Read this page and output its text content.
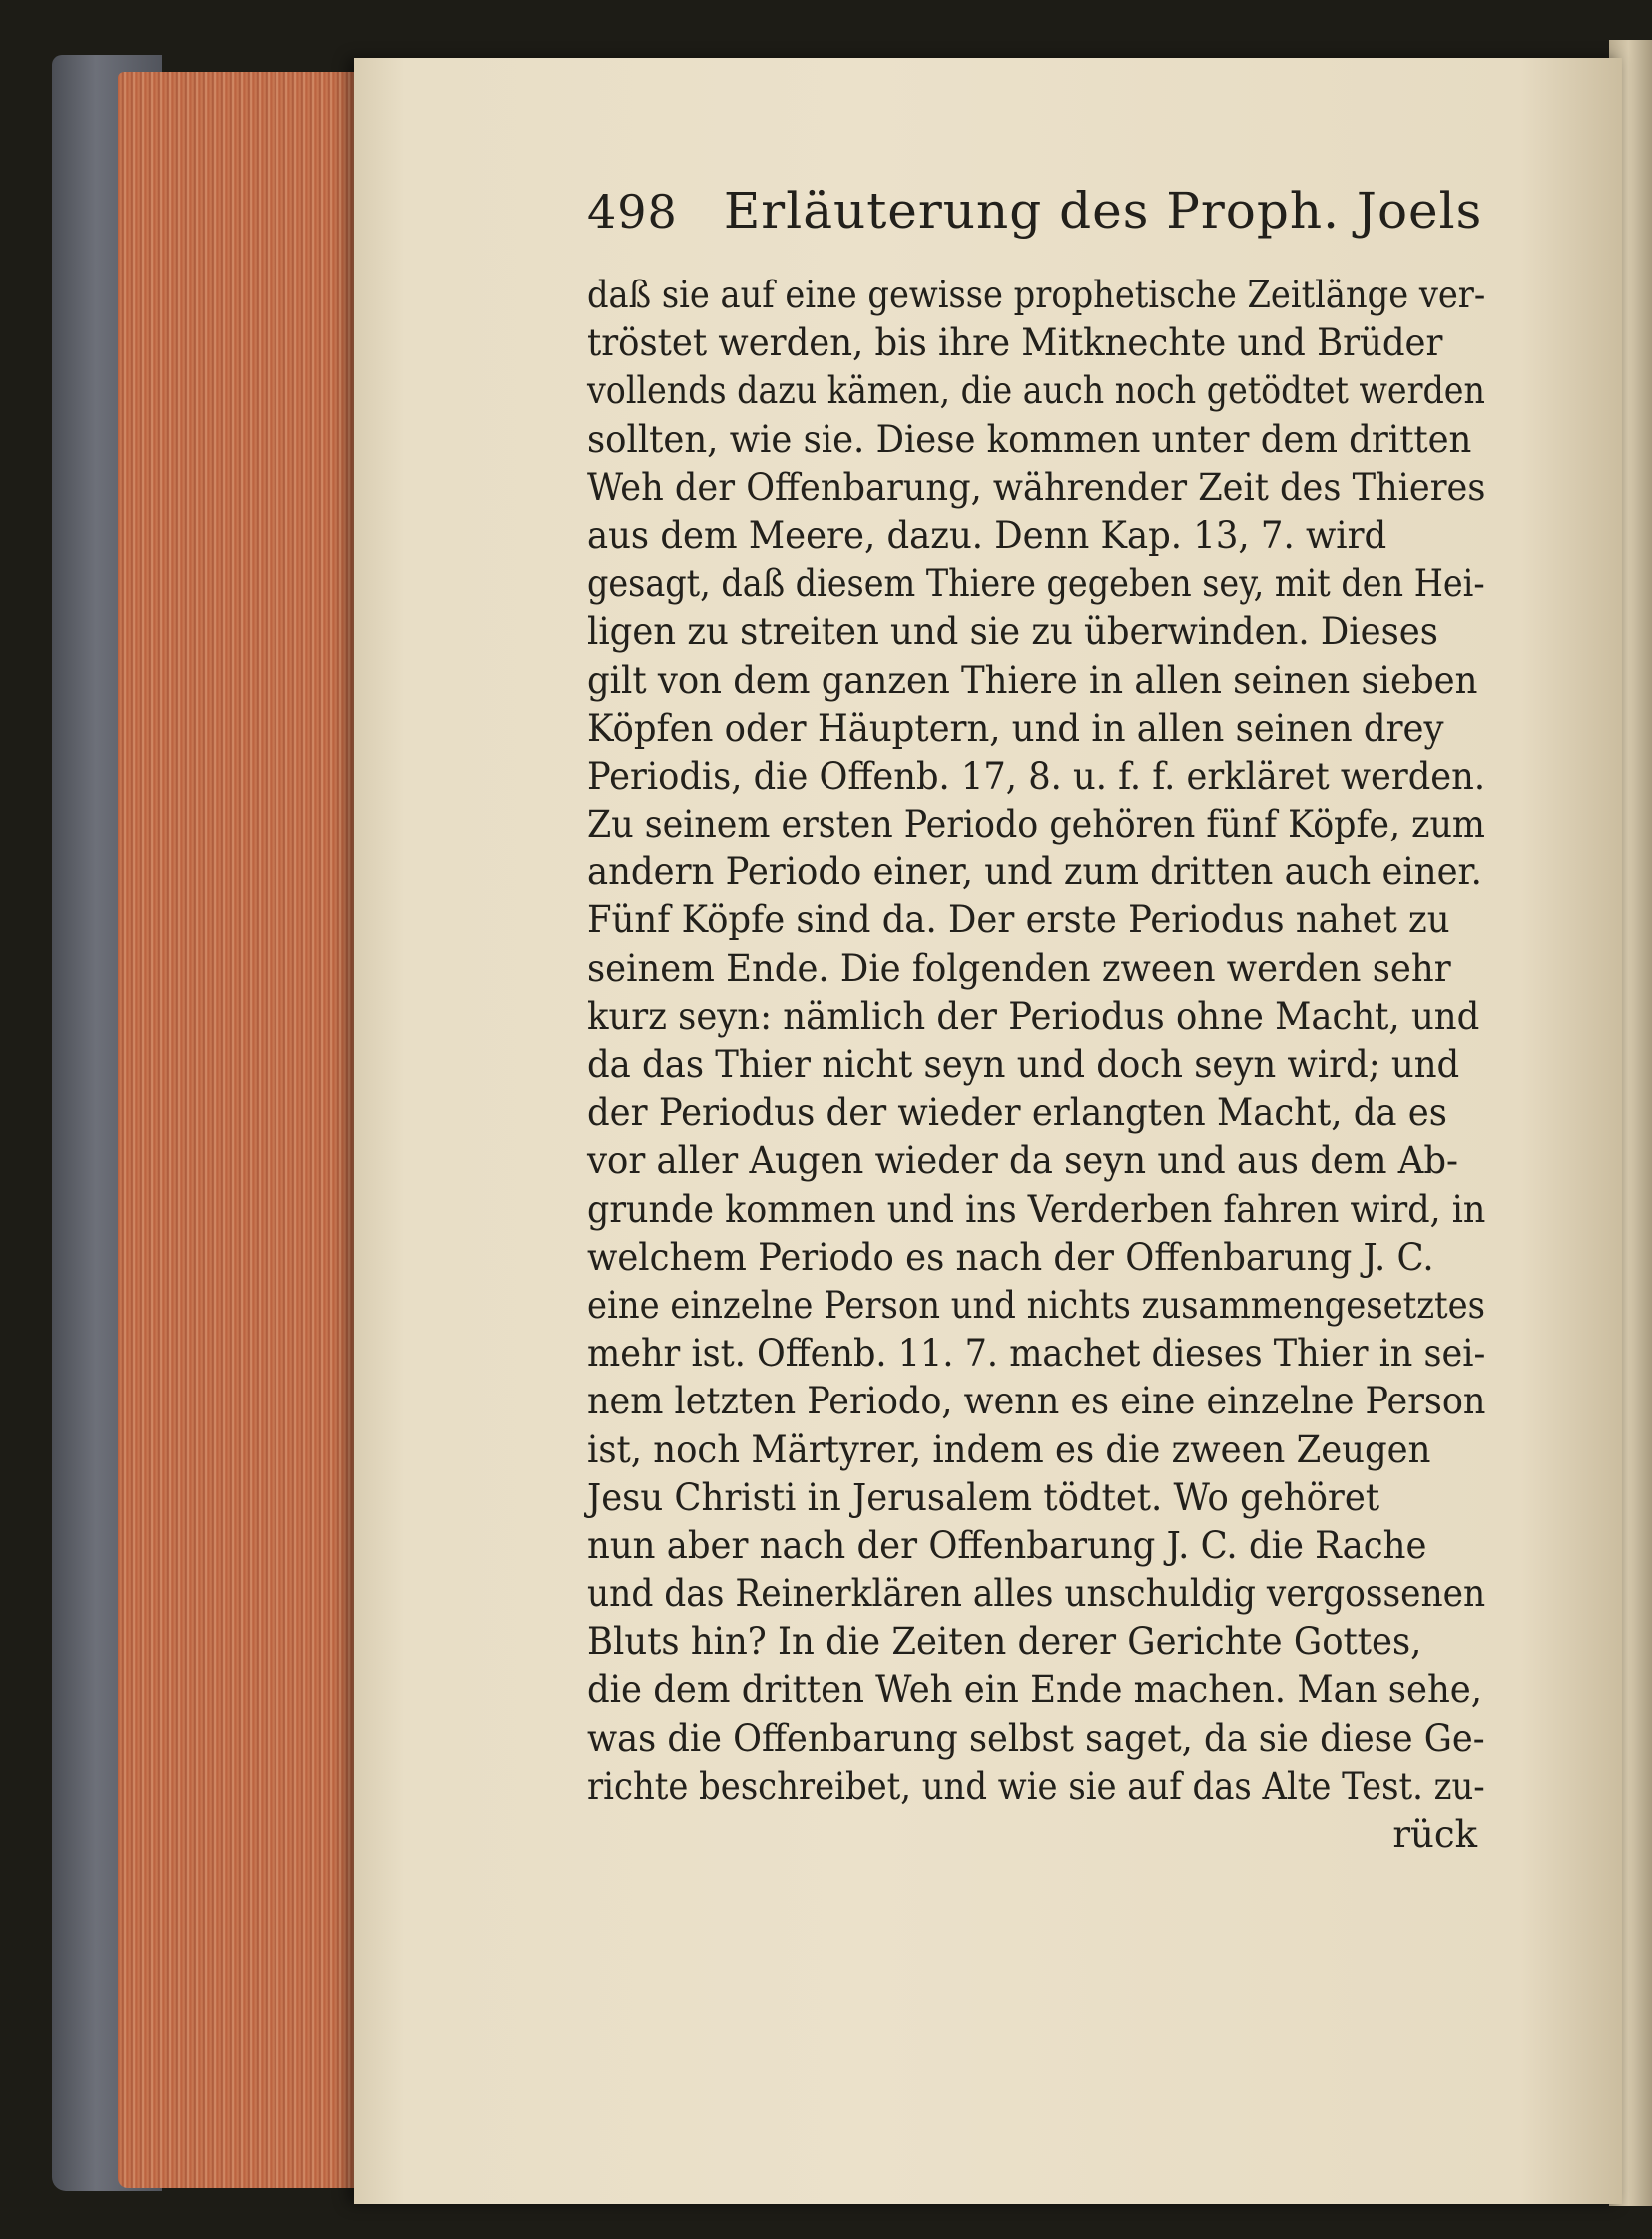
498 Erläuterung des Proph. Joels
daß sie auf eine gewisse prophetische Zeitlänge ver-
tröstet werden, bis ihre Mitknechte und Brüder
vollends dazu kämen, die auch noch getödtet werden
sollten, wie sie. Diese kommen unter dem dritten
Weh der Offenbarung, währender Zeit des Thieres
aus dem Meere, dazu. Denn Kap. 13, 7. wird
gesagt, daß diesem Thiere gegeben sey, mit den Hei-
ligen zu streiten und sie zu überwinden. Dieses
gilt von dem ganzen Thiere in allen seinen sieben
Köpfen oder Häuptern, und in allen seinen drey
Periodis, die Offenb. 17, 8. u. f. f. erkläret werden.
Zu seinem ersten Periodo gehören fünf Köpfe, zum
andern Periodo einer, und zum dritten auch einer.
Fünf Köpfe sind da. Der erste Periodus nahet zu
seinem Ende. Die folgenden zween werden sehr
kurz seyn: nämlich der Periodus ohne Macht, und
da das Thier nicht seyn und doch seyn wird; und
der Periodus der wieder erlangten Macht, da es
vor aller Augen wieder da seyn und aus dem Ab-
grunde kommen und ins Verderben fahren wird, in
welchem Periodo es nach der Offenbarung J. C.
eine einzelne Person und nichts zusammengesetztes
mehr ist. Offenb. 11. 7. machet dieses Thier in sei-
nem letzten Periodo, wenn es eine einzelne Person
ist, noch Märtyrer, indem es die zween Zeugen
Jesu Christi in Jerusalem tödtet. Wo gehöret
nun aber nach der Offenbarung J. C. die Rache
und das Reinerklären alles unschuldig vergossenen
Bluts hin? In die Zeiten derer Gerichte Gottes,
die dem dritten Weh ein Ende machen. Man sehe,
was die Offenbarung selbst saget, da sie diese Ge-
richte beschreibet, und wie sie auf das Alte Test. zu-
rück
